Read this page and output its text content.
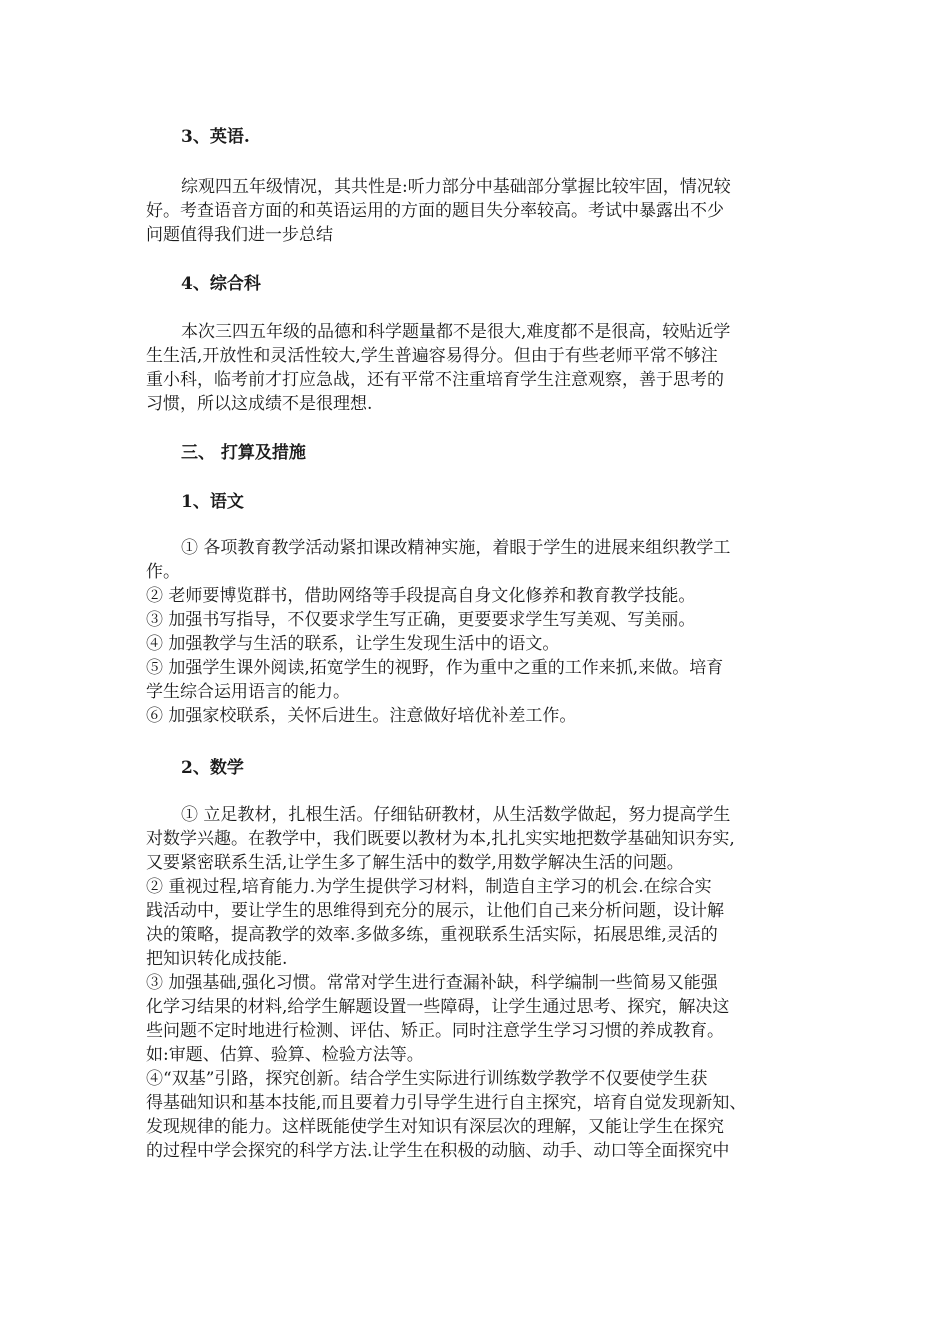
3、英语.
综观四五年级情况，其共性是:听力部分中基础部分掌握比较牢固，情况较
好。考查语音方面的和英语运用的方面的题目失分率较高。考试中暴露出不少
问题值得我们进一步总结
4、综合科
本次三四五年级的品德和科学题量都不是很大,难度都不是很高，较贴近学
生生活,开放性和灵活性较大,学生普遍容易得分。但由于有些老师平常不够注
重小科，临考前才打应急战，还有平常不注重培育学生注意观察，善于思考的
习惯，所以这成绩不是很理想.
三、 打算及措施
1、语文
① 各项教育教学活动紧扣课改精神实施，着眼于学生的进展来组织教学工
作。
② 老师要博览群书，借助网络等手段提高自身文化修养和教育教学技能。
③ 加强书写指导，不仅要求学生写正确，更要要求学生写美观、写美丽。
④ 加强教学与生活的联系，让学生发现生活中的语文。
⑤ 加强学生课外阅读,拓宽学生的视野，作为重中之重的工作来抓,来做。培育
学生综合运用语言的能力。
⑥ 加强家校联系，关怀后进生。注意做好培优补差工作。
2、数学
① 立足教材，扎根生活。仔细钻研教材，从生活数学做起，努力提高学生
对数学兴趣。在教学中，我们既要以教材为本,扎扎实实地把数学基础知识夯实,
又要紧密联系生活,让学生多了解生活中的数学,用数学解决生活的问题。
② 重视过程,培育能力.为学生提供学习材料，制造自主学习的机会.在综合实
践活动中，要让学生的思维得到充分的展示，让他们自己来分析问题，设计解
决的策略，提高教学的效率.多做多练，重视联系生活实际，拓展思维,灵活的
把知识转化成技能.
③ 加强基础,强化习惯。常常对学生进行查漏补缺，科学编制一些简易又能强
化学习结果的材料,给学生解题设置一些障碍，让学生通过思考、探究，解决这
些问题不定时地进行检测、评估、矫正。同时注意学生学习习惯的养成教育。
如:审题、估算、验算、检验方法等。
④“双基”引路，探究创新。结合学生实际进行训练数学教学不仅要使学生获
得基础知识和基本技能,而且要着力引导学生进行自主探究，培育自觉发现新知、
发现规律的能力。这样既能使学生对知识有深层次的理解，又能让学生在探究
的过程中学会探究的科学方法.让学生在积极的动脑、动手、动口等全面探究中
